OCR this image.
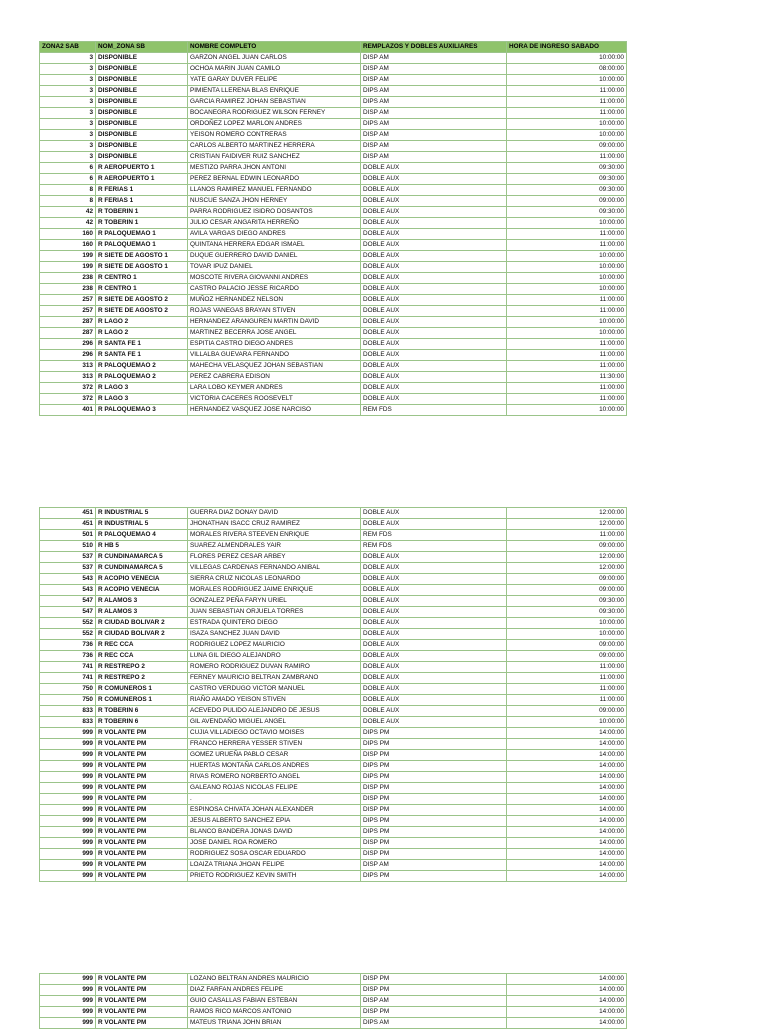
ZONA2 SAB	NOM_ZONA SB	NOMBRE COMPLETO	REMPLAZOS Y DOBLES AUXILIARES	HORA DE INGRESO SABADO
3	DISPONIBLE	GARZON ANGEL JUAN CARLOS	DISP AM	10:00:00
3	DISPONIBLE	OCHOA MARIN JUAN CAMILO	DISP AM	08:00:00
3	DISPONIBLE	YATE GARAY DUVER FELIPE	DISP AM	10:00:00
3	DISPONIBLE	PIMIENTA LLERENA BLAS ENRIQUE	DIPS AM	11:00:00
3	DISPONIBLE	GARCIA RAMIREZ JOHAN SEBASTIAN	DIPS AM	11:00:00
3	DISPONIBLE	BOCANEGRA RODRIGUEZ WILSON FERNEY	DISP AM	11:00:00
3	DISPONIBLE	ORDOÑEZ LOPEZ MARLON ANDRES	DIPS AM	10:00:00
3	DISPONIBLE	YEISON ROMERO CONTRERAS	DISP AM	10:00:00
3	DISPONIBLE	CARLOS ALBERTO MARTINEZ HERRERA	DISP AM	09:00:00
3	DISPONIBLE	CRISTIAN FAIDIVER RUIZ SANCHEZ	DISP AM	11:00:00
6	R AEROPUERTO 1	MESTIZO PARRA JHON ANTONI	DOBLE AUX	09:30:00
6	R AEROPUERTO 1	PEREZ BERNAL EDWIN LEONARDO	DOBLE AUX	09:30:00
8	R FERIAS 1	LLANOS RAMIREZ MANUEL FERNANDO	DOBLE AUX	09:30:00
8	R FERIAS 1	NUSCUE SANZA JHON HERNEY	DOBLE AUX	09:00:00
42	R TOBERIN 1	PARRA RODRIGUEZ ISIDRO DOSANTOS	DOBLE AUX	09:30:00
42	R TOBERIN 1	JULIO CESAR ANGARITA HERREÑO	DOBLE AUX	10:00:00
160	R PALOQUEMAO 1	AVILA VARGAS DIEGO ANDRES	DOBLE AUX	11:00:00
160	R PALOQUEMAO 1	QUINTANA HERRERA EDGAR ISMAEL	DOBLE AUX	11:00:00
199	R SIETE DE AGOSTO 1	DUQUE GUERRERO DAVID DANIEL	DOBLE AUX	10:00:00
199	R SIETE DE AGOSTO 1	TOVAR IPUZ DANIEL	DOBLE AUX	10:00:00
238	R CENTRO 1	MOSCOTE RIVERA GIOVANNI ANDRES	DOBLE AUX	10:00:00
238	R CENTRO 1	CASTRO PALACIO JESSE RICARDO	DOBLE AUX	10:00:00
257	R SIETE DE AGOSTO 2	MUÑOZ HERNANDEZ NELSON	DOBLE AUX	11:00:00
257	R SIETE DE AGOSTO 2	ROJAS VANEGAS BRAYAN STIVEN	DOBLE AUX	11:00:00
287	R LAGO 2	HERNANDEZ ARANGUREN MARTIN DAVID	DOBLE AUX	10:00:00
287	R LAGO 2	MARTINEZ BECERRA JOSE ANGEL	DOBLE AUX	10:00:00
296	R SANTA FE 1	ESPITIA CASTRO DIEGO ANDRES	DOBLE AUX	11:00:00
296	R SANTA FE 1	VILLALBA GUEVARA FERNANDO	DOBLE AUX	11:00:00
313	R PALOQUEMAO 2	MAHECHA VELASQUEZ JOHAN SEBASTIAN	DOBLE AUX	11:00:00
313	R PALOQUEMAO 2	PEREZ CABRERA EDISON	DOBLE AUX	11:30:00
372	R LAGO 3	LARA LOBO KEYMER ANDRES	DOBLE AUX	11:00:00
372	R LAGO 3	VICTORIA CACERES ROOSEVELT	DOBLE AUX	11:00:00
401	R PALOQUEMAO 3	HERNANDEZ VASQUEZ JOSE NARCISO	REM FDS	10:00:00
451	R INDUSTRIAL 5	GUERRA DIAZ DONAY DAVID	DOBLE AUX	12:00:00
451	R INDUSTRIAL 5	JHONATHAN ISACC CRUZ RAMIREZ	DOBLE AUX	12:00:00
501	R PALOQUEMAO 4	MORALES RIVERA STEEVEN ENRIQUE	REM FDS	11:00:00
510	R HB 5	SUAREZ ALMENDRALES YAIR	REM FDS	09:00:00
537	R CUNDINAMARCA 5	FLORES PEREZ CESAR ARBEY	DOBLE AUX	12:00:00
537	R CUNDINAMARCA 5	VILLEGAS CARDENAS FERNANDO ANIBAL	DOBLE AUX	12:00:00
543	R ACOPIO VENECIA	SIERRA CRUZ NICOLAS LEONARDO	DOBLE AUX	09:00:00
543	R ACOPIO VENECIA	MORALES RODRIGUEZ JAIME ENRIQUE	DOBLE AUX	09:00:00
547	R ALAMOS 3	GONZALEZ PEÑA FARYN URIEL	DOBLE AUX	09:30:00
547	R ALAMOS 3	JUAN SEBASTIAN ORJUELA TORRES	DOBLE AUX	09:30:00
552	R CIUDAD BOLIVAR 2	ESTRADA QUINTERO DIEGO	DOBLE AUX	10:00:00
552	R CIUDAD BOLIVAR 2	ISAZA SANCHEZ JUAN DAVID	DOBLE AUX	10:00:00
736	R REC CCA	RODRIGUEZ LOPEZ MAURICIO	DOBLE AUX	09:00:00
736	R REC CCA	LUNA GIL DIEGO ALEJANDRO	DOBLE AUX	09:00:00
741	R RESTREPO 2	ROMERO RODRIGUEZ DUVAN RAMIRO	DOBLE AUX	11:00:00
741	R RESTREPO 2	FERNEY MAURICIO BELTRAN ZAMBRANO	DOBLE AUX	11:00:00
750	R COMUNEROS 1	CASTRO VERDUGO VICTOR MANUEL	DOBLE AUX	11:00:00
750	R COMUNEROS 1	RIAÑO AMADO YEISON STIVEN	DOBLE AUX	11:00:00
833	R TOBERIN 6	ACEVEDO PULIDO ALEJANDRO DE JESUS	DOBLE AUX	09:00:00
833	R TOBERIN 6	GIL AVENDAÑO MIGUEL ANGEL	DOBLE AUX	10:00:00
999	R VOLANTE PM	CUJIA VILLADIEGO OCTAVIO MOISES	DIPS PM	14:00:00
999	R VOLANTE PM	FRANCO HERRERA YESSER STIVEN	DIPS PM	14:00:00
999	R VOLANTE PM	GOMEZ URUEÑA PABLO CESAR	DISP PM	14:00:00
999	R VOLANTE PM	HUERTAS MONTAÑA CARLOS ANDRES	DIPS PM	14:00:00
999	R VOLANTE PM	RIVAS ROMERO NORBERTO ANGEL	DIPS PM	14:00:00
999	R VOLANTE PM	GALEANO ROJAS NICOLAS FELIPE	DISP PM	14:00:00
999	R VOLANTE PM	.	DISP PM	14:00:00
999	R VOLANTE PM	ESPINOSA CHIVATA JOHAN ALEXANDER	DISP PM	14:00:00
999	R VOLANTE PM	JESUS ALBERTO SANCHEZ EPIA	DIPS PM	14:00:00
999	R VOLANTE PM	BLANCO BANDERA JONAS DAVID	DIPS PM	14:00:00
999	R VOLANTE PM	JOSE DANIEL ROA ROMERO	DISP PM	14:00:00
999	R VOLANTE PM	RODRIGUEZ SOSA OSCAR EDUARDO	DISP PM	14:00:00
999	R VOLANTE PM	LOAIZA TRIANA JHOAN FELIPE	DISP AM	14:00:00
999	R VOLANTE PM	PRIETO RODRIGUEZ KEVIN SMITH	DIPS PM	14:00:00
999	R VOLANTE PM	LOZANO BELTRAN ANDRES MAURICIO	DISP PM	14:00:00
999	R VOLANTE PM	DIAZ FARFAN ANDRES FELIPE	DISP PM	14:00:00
999	R VOLANTE PM	GUIO CASALLAS FABIAN ESTEBAN	DISP AM	14:00:00
999	R VOLANTE PM	RAMOS RICO MARCOS ANTONIO	DISP PM	14:00:00
999	R VOLANTE PM	MATEUS TRIANA JOHN BRIAN	DIPS AM	14:00:00
